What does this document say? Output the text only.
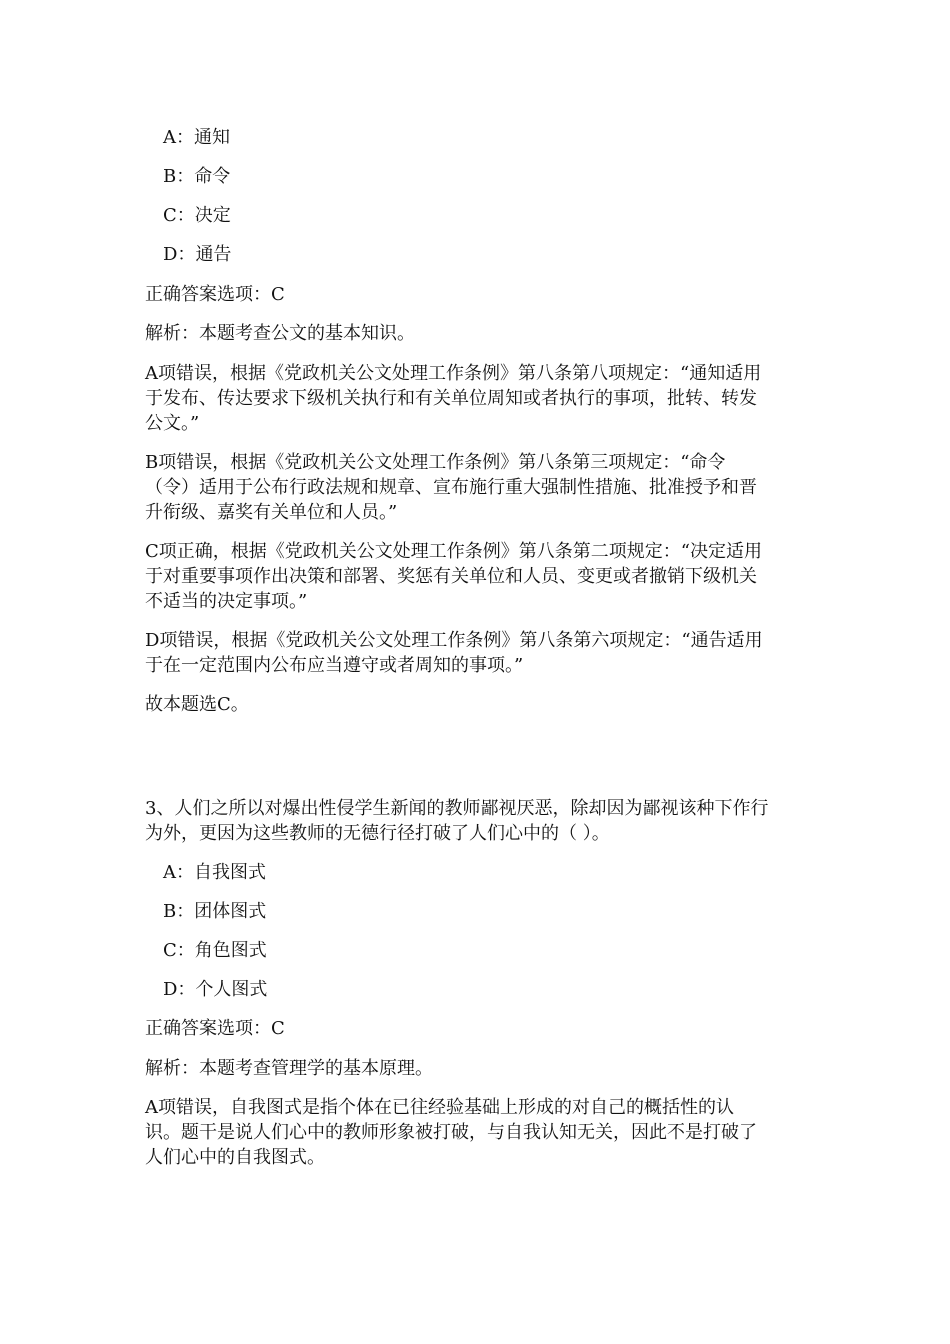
A：通知
B：命令
C：决定
D：通告
正确答案选项：C
解析：本题考查公文的基本知识。
A项错误，根据《党政机关公文处理工作条例》第八条第八项规定：“通知适用
于发布、传达要求下级机关执行和有关单位周知或者执行的事项，批转、转发
公文。”
B项错误，根据《党政机关公文处理工作条例》第八条第三项规定：“命令
（令）适用于公布行政法规和规章、宣布施行重大强制性措施、批准授予和晋
升衔级、嘉奖有关单位和人员。”
C项正确，根据《党政机关公文处理工作条例》第八条第二项规定：“决定适用
于对重要事项作出决策和部署、奖惩有关单位和人员、变更或者撤销下级机关
不适当的决定事项。”
D项错误，根据《党政机关公文处理工作条例》第八条第六项规定：“通告适用
于在一定范围内公布应当遵守或者周知的事项。”
故本题选C。
3、人们之所以对爆出性侵学生新闻的教师鄙视厌恶，除却因为鄙视该种下作行
为外，更因为这些教师的无德行径打破了人们心中的（ ）。
A：自我图式
B：团体图式
C：角色图式
D：个人图式
正确答案选项：C
解析：本题考查管理学的基本原理。
A项错误，自我图式是指个体在已往经验基础上形成的对自己的概括性的认
识。题干是说人们心中的教师形象被打破，与自我认知无关，因此不是打破了
人们心中的自我图式。
